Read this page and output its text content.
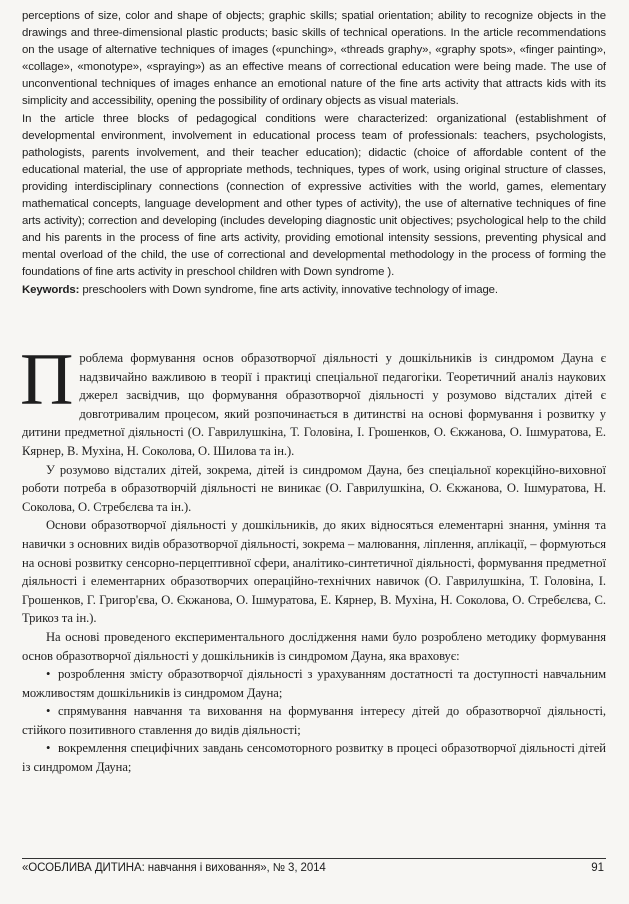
perceptions of size, color and shape of objects; graphic skills; spatial orientation; ability to recognize objects in the drawings and three-dimensional plastic products; basic skills of technical operations. In the article recommendations on the usage of alternative techniques of images («punching», «threads graphy», «graphy spots», «finger painting», «collage», «monotype», «spraying») as an effective means of correctional education were being made. The use of unconventional techniques of images enhance an emotional nature of the fine arts activity that attracts kids with its simplicity and accessibility, opening the possibility of ordinary objects as visual materials.

In the article three blocks of pedagogical conditions were characterized: organizational (establishment of developmental environment, involvement in educational process team of professionals: teachers, psychologists, pathologists, parents involvement, and their teacher education); didactic (choice of affordable content of the educational material, the use of appropriate methods, techniques, types of work, using original structure of classes, providing interdisciplinary connections (connection of expressive activities with the world, games, elementary mathematical concepts, language development and other types of activity), the use of alternative techniques of fine arts activity); correction and developing (includes developing diagnostic unit objectives; psychological help to the child and his parents in the process of fine arts activity, providing emotional intensity sessions, preventing physical and mental overload of the child, the use of correctional and developmental methodology in the process of forming the foundations of fine arts activity in preschool children with Down syndrome ).

Keywords: preschoolers with Down syndrome, fine arts activity, innovative technology of image.

Проблема формування основ образотворчої діяльності у дошкільників із синдромом Дауна є надзвичайно важливою в теорії і практиці спеціальної педагогіки. Теоретичний аналіз наукових джерел засвідчив, що формування образотворчої діяльності у розумово відсталих дітей є довготривалим процесом, який розпочинається в дитинстві на основі формування і розвитку у дитини предметної діяльності (О. Гаврилушкіна, Т. Головіна, І. Грошенков, О. Єкжанова, О. Ішмуратова, Е. Кярнер, В. Мухіна, Н. Соколова, О. Шилова та ін.).

У розумово відсталих дітей, зокрема, дітей із синдромом Дауна, без спеціальної корекційно-виховної роботи потреба в образотворчій діяльності не виникає (О. Гаврилушкіна, О. Єкжанова, О. Ішмуратова, Н. Соколова, О. Стребєлєва та ін.).

Основи образотворчої діяльності у дошкільників, до яких відносяться елементарні знання, уміння та навички з основних видів образотворчої діяльності, зокрема – малювання, ліплення, аплікації, – формуються на основі розвитку сенсорно-перцептивної сфери, аналітико-синтетичної діяльності, формування предметної діяльності і елементарних образотворчих операційно-технічних навичок (О. Гаврилушкіна, Т. Головіна, І. Грошенков, Г. Григор'єва, О. Єкжанова, О. Ішмуратова, Е. Кярнер, В. Мухіна, Н. Соколова, О. Стребєлєва, С. Трикоз та ін.).

На основі проведеного експериментального дослідження нами було розроблено методику формування основ образотворчої діяльності у дошкільників із синдромом Дауна, яка враховує:

• розроблення змісту образотворчої діяльності з урахуванням достатності та доступності навчальним можливостям дошкільників із синдромом Дауна;
• спрямування навчання та виховання на формування інтересу дітей до образотворчої діяльності, стійкого позитивного ставлення до видів діяльності;
• вокремлення специфічних завдань сенсомоторного розвитку в процесі образотворчої діяльності дітей із синдромом Дауна;
«ОСОБЛИВА ДИТИНА: навчання і виховання», № 3, 2014	91
